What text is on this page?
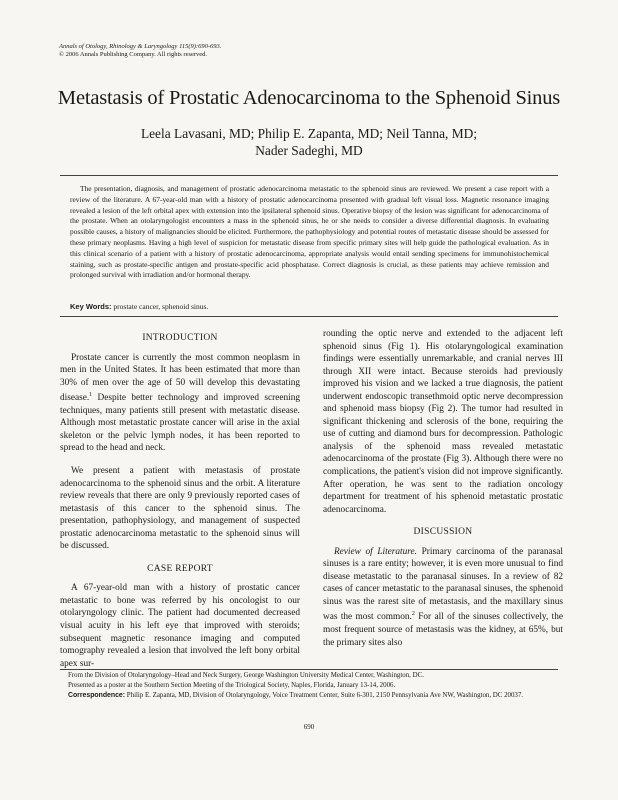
Annals of Otology, Rhinology & Laryngology 115(9):690-693.
© 2006 Annals Publishing Company. All rights reserved.
Metastasis of Prostatic Adenocarcinoma to the Sphenoid Sinus
Leela Lavasani, MD; Philip E. Zapanta, MD; Neil Tanna, MD;
Nader Sadeghi, MD
The presentation, diagnosis, and management of prostatic adenocarcinoma metastatic to the sphenoid sinus are reviewed. We present a case report with a review of the literature. A 67-year-old man with a history of prostatic adenocarcinoma presented with gradual left visual loss. Magnetic resonance imaging revealed a lesion of the left orbital apex with extension into the ipsilateral sphenoid sinus. Operative biopsy of the lesion was significant for adenocarcinoma of the prostate. When an otolaryngologist encounters a mass in the sphenoid sinus, he or she needs to consider a diverse differential diagnosis. In evaluating possible causes, a history of malignancies should be elicited. Furthermore, the pathophysiology and potential routes of metastatic disease should be assessed for these primary neoplasms. Having a high level of suspicion for metastatic disease from specific primary sites will help guide the pathological evaluation. As in this clinical scenario of a patient with a history of prostatic adenocarcinoma, appropriate analysis would entail sending specimens for immunohistochemical staining, such as prostate-specific antigen and prostate-specific acid phosphatase. Correct diagnosis is crucial, as these patients may achieve remission and prolonged survival with irradiation and/or hormonal therapy.
Key Words: prostate cancer, sphenoid sinus.
INTRODUCTION

Prostate cancer is currently the most common neoplasm in men in the United States. It has been estimated that more than 30% of men over the age of 50 will develop this devastating disease.$^1$ Despite better technology and improved screening techniques, many patients still present with metastatic disease. Although most metastatic prostate cancer will arise in the axial skeleton or the pelvic lymph nodes, it has been reported to spread to the head and neck.

We present a patient with metastasis of prostate adenocarcinoma to the sphenoid sinus and the orbit. A literature review reveals that there are only 9 previously reported cases of metastasis of this cancer to the sphenoid sinus. The presentation, pathophysiology, and management of suspected prostatic adenocarcinoma metastatic to the sphenoid sinus will be discussed.

CASE REPORT

A 67-year-old man with a history of prostatic cancer metastatic to bone was referred by his oncologist to our otolaryngology clinic. The patient had documented decreased visual acuity in his left eye that improved with steroids; subsequent magnetic resonance imaging and computed tomography revealed a lesion that involved the left bony orbital apex sur-

rounding the optic nerve and extended to the adjacent left sphenoid sinus (Fig 1). His otolaryngological examination findings were essentially unremarkable, and cranial nerves III through XII were intact. Because steroids had previously improved his vision and we lacked a true diagnosis, the patient underwent endoscopic transethmoid optic nerve decompression and sphenoid mass biopsy (Fig 2). The tumor had resulted in significant thickening and sclerosis of the bone, requiring the use of cutting and diamond burs for decompression. Pathologic analysis of the sphenoid mass revealed metastatic adenocarcinoma of the prostate (Fig 3). Although there were no complications, the patient's vision did not improve significantly. After operation, he was sent to the radiation oncology department for treatment of his sphenoid metastatic prostatic adenocarcinoma.

DISCUSSION

Review of Literature. Primary carcinoma of the paranasal sinuses is a rare entity; however, it is even more unusual to find disease metastatic to the paranasal sinuses. In a review of 82 cases of cancer metastatic to the paranasal sinuses, the sphenoid sinus was the rarest site of metastasis, and the maxillary sinus was the most common.$^2$ For all of the sinuses collectively, the most frequent source of metastasis was the kidney, at 65%, but the primary sites also

From the Division of Otolaryngology–Head and Neck Surgery, George Washington University Medical Center, Washington, DC.

Presented as a poster at the Southern Section Meeting of the Triological Society, Naples, Florida, January 13-14, 2006.

Correspondence: Philip E. Zapanta, MD, Division of Otolaryngology, Voice Treatment Center, Suite 6-301, 2150 Pennsylvania Ave NW, Washington, DC 20037.

690
